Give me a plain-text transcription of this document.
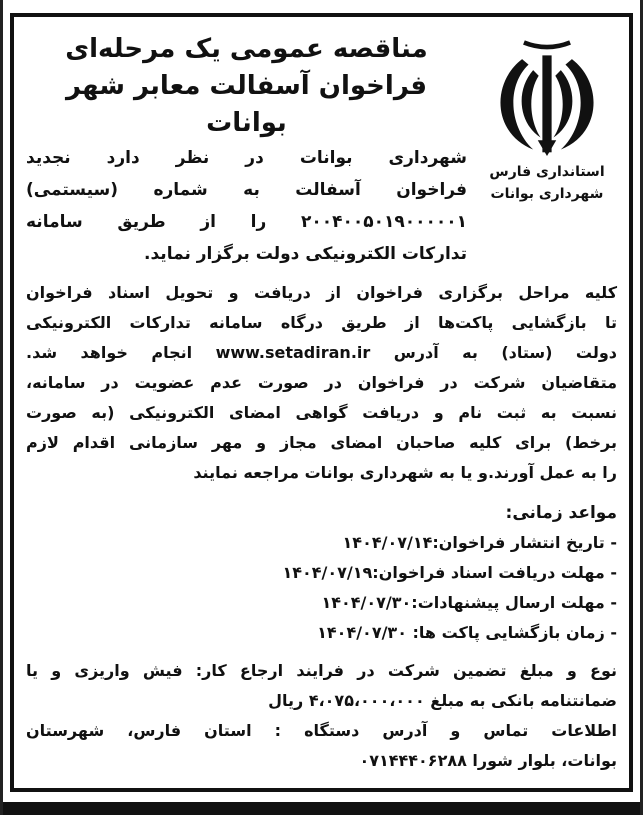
استانداری فارس
شهرداری بوانات
مناقصه عمومی یک مرحله‌ای
فراخوان آسفالت معابر شهر بوانات
شهرداری بوانات در نظر دارد نجدید
فراخوان آسفالت به شماره (سیستمی)
۲۰۰۴۰۰۵۰۱۹۰۰۰۰۰۱ را از طریق سامانه
تدارکات الکترونیکی دولت برگزار نماید.
کلیه مراحل برگزاری فراخوان از دریافت و تحویل اسناد فراخوان
تا بازگشایی پاکت‌ها از طریق درگاه سامانه تدارکات الکترونیکی
دولت (ستاد) به آدرس www.setadiran.ir انجام خواهد شد.
متقاضیان شرکت در فراخوان در صورت عدم عضویت در سامانه،
نسبت به ثبت نام و دریافت گواهی امضای الکترونیکی (به صورت
برخط) برای کلیه صاحبان امضای مجاز و مهر سازمانی اقدام لازم
را به عمل آورند.و یا به شهرداری بوانات مراجعه نمایند
مواعد زمانی:
- تاریخ انتشار فراخوان:۱۴۰۴/۰۷/۱۴
- مهلت دریافت اسناد فراخوان:۱۴۰۴/۰۷/۱۹
- مهلت ارسال پیشنهادات:۱۴۰۴/۰۷/۳۰
- زمان بازگشایی پاکت ها: ۱۴۰۴/۰۷/۳۰
نوع و مبلغ تضمین شرکت در فرایند ارجاع کار: فیش واریزی و یا
ضمانتنامه بانکی به مبلغ ۴،۰۷۵،۰۰۰،۰۰۰ ریال
اطلاعات تماس و آدرس دستگاه : استان فارس، شهرستان
بوانات، بلوار شورا ۰۷۱۴۴۴۰۶۲۸۸
